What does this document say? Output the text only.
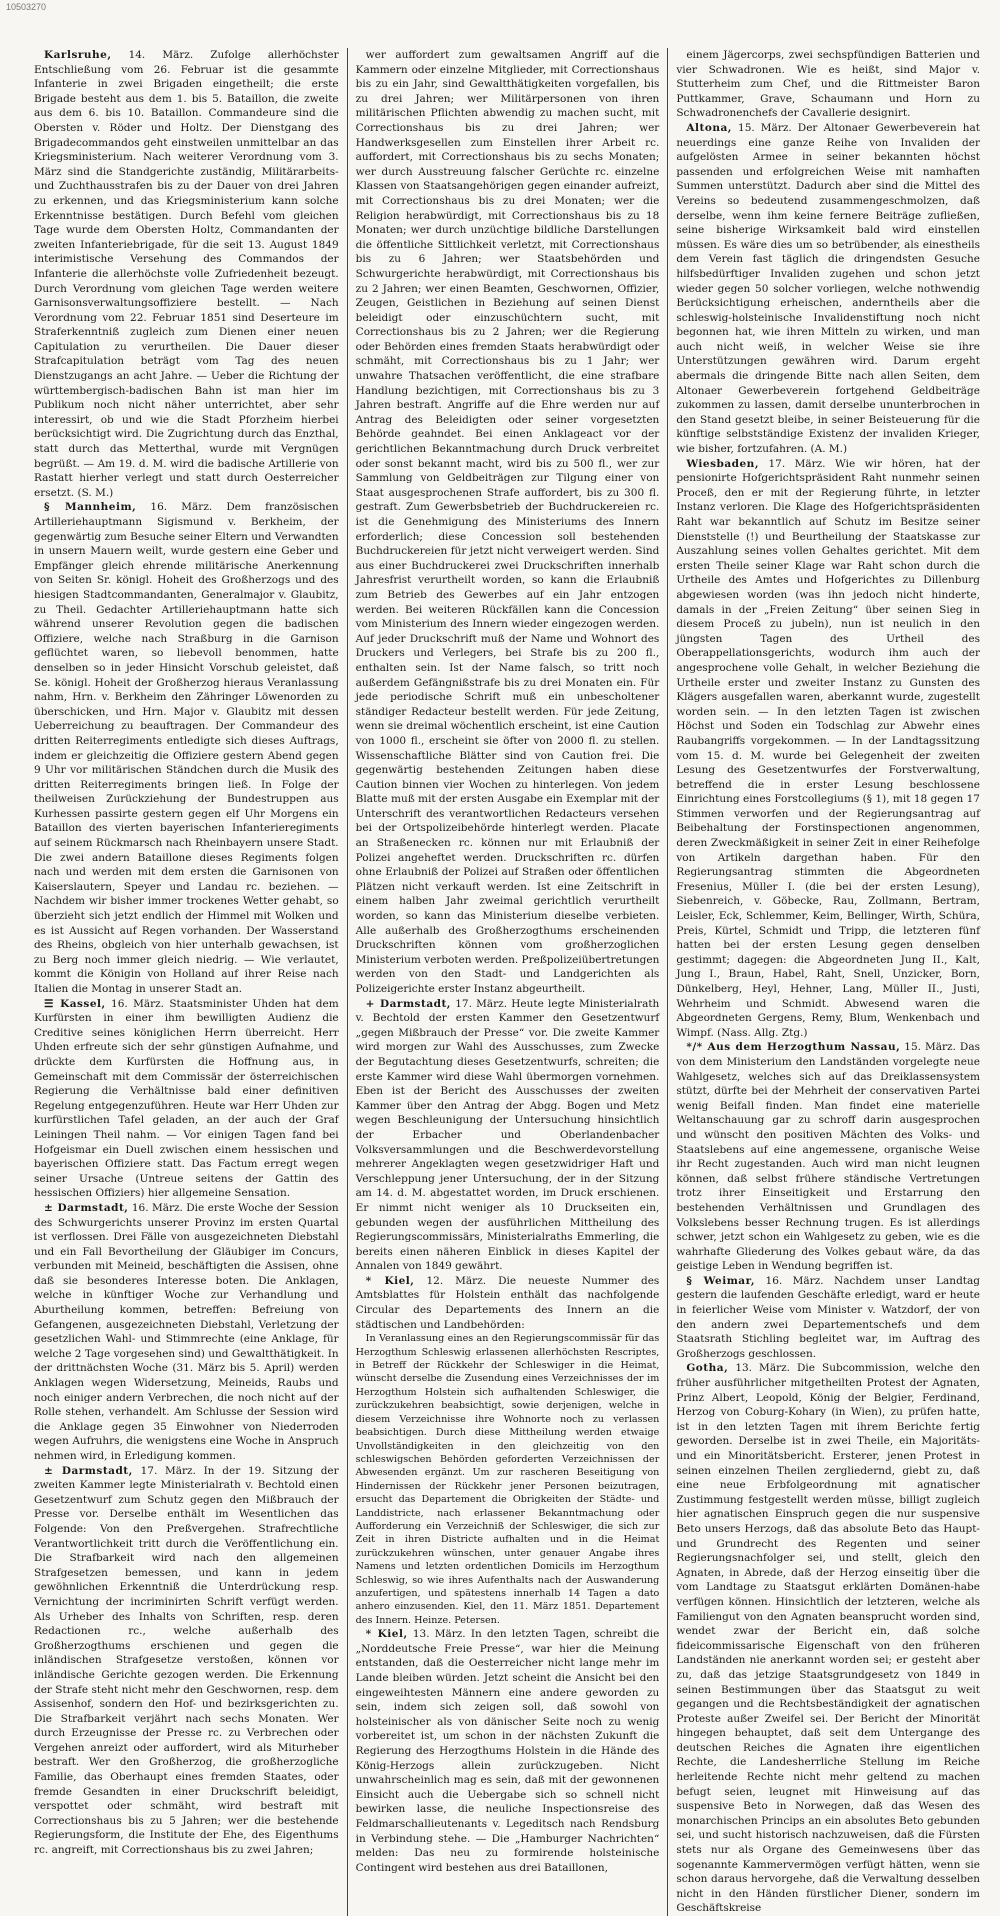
10503270

Karlsruhe, 14. März. Zufolge allerhöchster Entschließung vom 26. Februar ist die gesammte Infanterie in zwei Brigaden eingetheilt; die erste Brigade besteht aus dem 1. bis 5. Bataillon, die zweite aus dem 6. bis 10. Bataillon. Commandeure sind die Obersten v. Röder und Holtz. Der Dienstgang des Brigadecommandos geht einstweilen unmittelbar an das Kriegsministerium. Nach weiterer Verordnung vom 3. März sind die Standgerichte zuständig, Militärarbeits- und Zuchthausstrafen bis zu der Dauer von drei Jahren zu erkennen, und das Kriegsministerium kann solche Erkenntnisse bestätigen. Durch Befehl vom gleichen Tage wurde dem Obersten Holtz, Commandanten der zweiten Infanteriebrigade, für die seit 13. August 1849 interimistische Versehung des Commandos der Infanterie die allerhöchste volle Zufriedenheit bezeugt. Durch Verordnung vom gleichen Tage werden weitere Garnisonsverwaltungsoffiziere bestellt. — Nach Verordnung vom 22. Februar 1851 sind Deserteure im Straferkenntniß zugleich zum Dienen einer neuen Capitulation zu verurtheilen. Die Dauer dieser Strafcapitulation beträgt vom Tag des neuen Dienstzugangs an acht Jahre. — Ueber die Richtung der württembergisch-badischen Bahn ist man hier im Publikum noch nicht näher unterrichtet, aber sehr interessirt, ob und wie die Stadt Pforzheim hierbei berücksichtigt wird. Die Zugrichtung durch das Enzthal, statt durch das Metterthal, wurde mit Vergnügen begrüßt. — Am 19. d. M. wird die badische Artillerie von Rastatt hierher verlegt und statt durch Oesterreicher ersetzt. (S. M.)

§ Mannheim, 16. März. Dem französischen Artilleriehauptmann Sigismund v. Berkheim, der gegenwärtig zum Besuche seiner Eltern und Verwandten in unsern Mauern weilt, wurde gestern eine Geber und Empfänger gleich ehrende militärische Anerkennung von Seiten Sr. königl. Hoheit des Großherzogs und des hiesigen Stadtcommandanten, Generalmajor v. Glaubitz, zu Theil. Gedachter Artilleriehauptmann hatte sich während unserer Revolution gegen die badischen Offiziere, welche nach Straßburg in die Garnison geflüchtet waren, so liebevoll benommen, hatte denselben so in jeder Hinsicht Vorschub geleistet, daß Se. königl. Hoheit der Großherzog hieraus Veranlassung nahm, Hrn. v. Berkheim den Zähringer Löwenorden zu überschicken, und Hrn. Major v. Glaubitz mit dessen Ueberreichung zu beauftragen. Der Commandeur des dritten Reiterregiments entledigte sich dieses Auftrags, indem er gleichzeitig die Offiziere gestern Abend gegen 9 Uhr vor militärischen Ständchen durch die Musik des dritten Reiterregiments bringen ließ. In Folge der theilweisen Zurückziehung der Bundestruppen aus Kurhessen passirte gestern gegen elf Uhr Morgens ein Bataillon des vierten bayerischen Infanterieregiments auf seinem Rückmarsch nach Rheinbayern unsere Stadt. Die zwei andern Bataillone dieses Regiments folgen nach und werden mit dem ersten die Garnisonen von Kaiserslautern, Speyer und Landau rc. beziehen. — Nachdem wir bisher immer trockenes Wetter gehabt, so überzieht sich jetzt endlich der Himmel mit Wolken und es ist Aussicht auf Regen vorhanden. Der Wasserstand des Rheins, obgleich von hier unterhalb gewachsen, ist zu Berg noch immer gleich niedrig. — Wie verlautet, kommt die Königin von Holland auf ihrer Reise nach Italien die Montag in unserer Stadt an.

☰ Kassel, 16. März. Staatsminister Uhden hat dem Kurfürsten in einer ihm bewilligten Audienz die Creditive seines königlichen Herrn überreicht. Herr Uhden erfreute sich der sehr günstigen Aufnahme, und drückte dem Kurfürsten die Hoffnung aus, in Gemeinschaft mit dem Commissär der österreichischen Regierung die Verhältnisse bald einer definitiven Regelung entgegenzuführen. Heute war Herr Uhden zur kurfürstlichen Tafel geladen, an der auch der Graf Leiningen Theil nahm. — Vor einigen Tagen fand bei Hofgeismar ein Duell zwischen einem hessischen und bayerischen Offiziere statt. Das Factum erregt wegen seiner Ursache (Untreue seitens der Gattin des hessischen Offiziers) hier allgemeine Sensation.

± Darmstadt, 16. März. Die erste Woche der Session des Schwurgerichts unserer Provinz im ersten Quartal ist verflossen. Drei Fälle von ausgezeichneten Diebstahl und ein Fall Bevortheilung der Gläubiger im Concurs, verbunden mit Meineid, beschäftigten die Assisen, ohne daß sie besonderes Interesse boten. Die Anklagen, welche in künftiger Woche zur Verhandlung und Aburtheilung kommen, betreffen: Befreiung von Gefangenen, ausgezeichneten Diebstahl, Verletzung der gesetzlichen Wahl- und Stimmrechte (eine Anklage, für welche 2 Tage vorgesehen sind) und Gewaltthätigkeit. In der drittnächsten Woche (31. März bis 5. April) werden Anklagen wegen Widersetzung, Meineids, Raubs und noch einiger andern Verbrechen, die noch nicht auf der Rolle stehen, verhandelt. Am Schlusse der Session wird die Anklage gegen 35 Einwohner von Niederroden wegen Aufruhrs, die wenigstens eine Woche in Anspruch nehmen wird, in Erledigung kommen.

± Darmstadt, 17. März. In der 19. Sitzung der zweiten Kammer legte Ministerialrath v. Bechtold einen Gesetzentwurf zum Schutz gegen den Mißbrauch der Presse vor. Derselbe enthält im Wesentlichen das Folgende: Von den Preßvergehen. Strafrechtliche Verantwortlichkeit tritt durch die Veröffentlichung ein. Die Strafbarkeit wird nach den allgemeinen Strafgesetzen bemessen, und kann in jedem gewöhnlichen Erkenntniß die Unterdrückung resp. Vernichtung der incriminirten Schrift verfügt werden. Als Urheber des Inhalts von Schriften, resp. deren Redactionen rc., welche außerhalb des Großherzogthums erschienen und gegen die inländischen Strafgesetze verstoßen, können vor inländische Gerichte gezogen werden. Die Erkennung der Strafe steht nicht mehr den Geschwornen, resp. dem Assisenhof, sondern den Hof- und bezirksgerichten zu. Die Strafbarkeit verjährt nach sechs Monaten. Wer durch Erzeugnisse der Presse rc. zu Verbrechen oder Vergehen anreizt oder auffordert, wird als Miturheber bestraft. Wer den Großherzog, die großherzogliche Familie, das Oberhaupt eines fremden Staates, oder fremde Gesandten in einer Druckschrift beleidigt, verspottet oder schmäht, wird bestraft mit Correctionshaus bis zu 5 Jahren; wer die bestehende Regierungsform, die Institute der Ehe, des Eigenthums rc. angreift, mit Correctionshaus bis zu zwei Jahren;

wer auffordert zum gewaltsamen Angriff auf die Kammern oder einzelne Mitglieder, mit Correctionshaus bis zu ein Jahr, sind Gewaltthätigkeiten vorgefallen, bis zu drei Jahren; wer Militärpersonen von ihren militärischen Pflichten abwendig zu machen sucht, mit Correctionshaus bis zu drei Jahren; wer Handwerksgesellen zum Einstellen ihrer Arbeit rc. auffordert, mit Correctionshaus bis zu sechs Monaten; wer durch Ausstreuung falscher Gerüchte rc. einzelne Klassen von Staatsangehörigen gegen einander aufreizt, mit Correctionshaus bis zu drei Monaten; wer die Religion herabwürdigt, mit Correctionshaus bis zu 18 Monaten; wer durch unzüchtige bildliche Darstellungen die öffentliche Sittlichkeit verletzt, mit Correctionshaus bis zu 6 Jahren; wer Staatsbehörden und Schwurgerichte herabwürdigt, mit Correctionshaus bis zu 2 Jahren; wer einen Beamten, Geschwornen, Offizier, Zeugen, Geistlichen in Beziehung auf seinen Dienst beleidigt oder einzuschüchtern sucht, mit Correctionshaus bis zu 2 Jahren; wer die Regierung oder Behörden eines fremden Staats herabwürdigt oder schmäht, mit Correctionshaus bis zu 1 Jahr; wer unwahre Thatsachen veröffentlicht, die eine strafbare Handlung bezichtigen, mit Correctionshaus bis zu 3 Jahren bestraft. Angriffe auf die Ehre werden nur auf Antrag des Beleidigten oder seiner vorgesetzten Behörde geahndet. Bei einen Anklageact vor der gerichtlichen Bekanntmachung durch Druck verbreitet oder sonst bekannt macht, wird bis zu 500 fl., wer zur Sammlung von Geldbeiträgen zur Tilgung einer von Staat ausgesprochenen Strafe auffordert, bis zu 300 fl. gestraft. Zum Gewerbsbetrieb der Buchdruckereien rc. ist die Genehmigung des Ministeriums des Innern erforderlich; diese Concession soll bestehenden Buchdruckereien für jetzt nicht verweigert werden. Sind aus einer Buchdruckerei zwei Druckschriften innerhalb Jahresfrist verurtheilt worden, so kann die Erlaubniß zum Betrieb des Gewerbes auf ein Jahr entzogen werden. Bei weiteren Rückfällen kann die Concession vom Ministerium des Innern wieder eingezogen werden. Auf jeder Druckschrift muß der Name und Wohnort des Druckers und Verlegers, bei Strafe bis zu 200 fl., enthalten sein. Ist der Name falsch, so tritt noch außerdem Gefängnißstrafe bis zu drei Monaten ein. Für jede periodische Schrift muß ein unbescholtener ständiger Redacteur bestellt werden. Für jede Zeitung, wenn sie dreimal wöchentlich erscheint, ist eine Caution von 1000 fl., erscheint sie öfter von 2000 fl. zu stellen. Wissenschaftliche Blätter sind von Caution frei. Die gegenwärtig bestehenden Zeitungen haben diese Caution binnen vier Wochen zu hinterlegen. Von jedem Blatte muß mit der ersten Ausgabe ein Exemplar mit der Unterschrift des verantwortlichen Redacteurs versehen bei der Ortspolizeibehörde hinterlegt werden. Placate an Straßenecken rc. können nur mit Erlaubniß der Polizei angeheftet werden. Druckschriften rc. dürfen ohne Erlaubniß der Polizei auf Straßen oder öffentlichen Plätzen nicht verkauft werden. Ist eine Zeitschrift in einem halben Jahr zweimal gerichtlich verurtheilt worden, so kann das Ministerium dieselbe verbieten. Alle außerhalb des Großherzogthums erscheinenden Druckschriften können vom großherzoglichen Ministerium verboten werden. Preßpolizeiübertretungen werden von den Stadt- und Landgerichten als Polizeigerichte erster Instanz abgeurtheilt.

+ Darmstadt, 17. März. Heute legte Ministerialrath v. Bechtold der ersten Kammer den Gesetzentwurf „gegen Mißbrauch der Presse“ vor. Die zweite Kammer wird morgen zur Wahl des Ausschusses, zum Zwecke der Begutachtung dieses Gesetzentwurfs, schreiten; die erste Kammer wird diese Wahl übermorgen vornehmen. Eben ist der Bericht des Ausschusses der zweiten Kammer über den Antrag der Abgg. Bogen und Metz wegen Beschleunigung der Untersuchung hinsichtlich der Erbacher und Oberlandenbacher Volksversammlungen und die Beschwerdevorstellung mehrerer Angeklagten wegen gesetzwidriger Haft und Verschleppung jener Untersuchung, der in der Sitzung am 14. d. M. abgestattet worden, im Druck erschienen. Er nimmt nicht weniger als 10 Druckseiten ein, gebunden wegen der ausführlichen Mittheilung des Regierungscommissärs, Ministerialraths Emmerling, die bereits einen näheren Einblick in dieses Kapitel der Annalen von 1849 gewährt.

* Kiel, 12. März. Die neueste Nummer des Amtsblattes für Holstein enthält das nachfolgende Circular des Departements des Innern an die städtischen und Landbehörden:

In Veranlassung eines an den Regierungscommissär für das Herzogthum Schleswig erlassenen allerhöchsten Rescriptes, in Betreff der Rückkehr der Schleswiger in die Heimat, wünscht derselbe die Zusendung eines Verzeichnisses der im Herzogthum Holstein sich aufhaltenden Schleswiger, die zurückzukehren beabsichtigt, sowie derjenigen, welche in diesem Verzeichnisse ihre Wohnorte noch zu verlassen beabsichtigen. Durch diese Mittheilung werden etwaige Unvollständigkeiten in den gleichzeitig von den schleswigschen Behörden geforderten Verzeichnissen der Abwesenden ergänzt. Um zur rascheren Beseitigung von Hindernissen der Rückkehr jener Personen beizutragen, ersucht das Departement die Obrigkeiten der Städte- und Landdistricte, nach erlassener Bekanntmachung oder Aufforderung ein Verzeichniß der Schleswiger, die sich zur Zeit in ihren Districte aufhalten und in die Heimat zurückzukehren wünschen, unter genauer Angabe ihres Namens und letzten ordentlichen Domicils im Herzogthum Schleswig, so wie ihres Aufenthalts nach der Auswanderung anzufertigen, und spätestens innerhalb 14 Tagen a dato anhero einzusenden. Kiel, den 11. März 1851. Departement des Innern. Heinze. Petersen.

* Kiel, 13. März. In den letzten Tagen, schreibt die „Norddeutsche Freie Presse“, war hier die Meinung entstanden, daß die Oesterreicher nicht lange mehr im Lande bleiben würden. Jetzt scheint die Ansicht bei den eingeweihtesten Männern eine andere geworden zu sein, indem sich zeigen soll, daß sowohl von holsteinischer als von dänischer Seite noch zu wenig vorbereitet ist, um schon in der nächsten Zukunft die Regierung des Herzogthums Holstein in die Hände des König-Herzogs allein zurückzugeben. Nicht unwahrscheinlich mag es sein, daß mit der gewonnenen Einsicht auch die Uebergabe sich so schnell nicht bewirken lasse, die neuliche Inspectionsreise des Feldmarschallieutenants v. Legeditsch nach Rendsburg in Verbindung stehe. — Die „Hamburger Nachrichten“ melden: Das neu zu formirende holsteinische Contingent wird bestehen aus drei Bataillonen,

einem Jägercorps, zwei sechspfündigen Batterien und vier Schwadronen. Wie es heißt, sind Major v. Stutterheim zum Chef, und die Rittmeister Baron Puttkammer, Grave, Schaumann und Horn zu Schwadronenchefs der Cavallerie designirt.

Altona, 15. März. Der Altonaer Gewerbeverein hat neuerdings eine ganze Reihe von Invaliden der aufgelösten Armee in seiner bekannten höchst passenden und erfolgreichen Weise mit namhaften Summen unterstützt. Dadurch aber sind die Mittel des Vereins so bedeutend zusammengeschmolzen, daß derselbe, wenn ihm keine fernere Beiträge zufließen, seine bisherige Wirksamkeit bald wird einstellen müssen. Es wäre dies um so betrübender, als einestheils dem Verein fast täglich die dringendsten Gesuche hilfsbedürftiger Invaliden zugehen und schon jetzt wieder gegen 50 solcher vorliegen, welche nothwendig Berücksichtigung erheischen, anderntheils aber die schleswig-holsteinische Invalidenstiftung noch nicht begonnen hat, wie ihren Mitteln zu wirken, und man auch nicht weiß, in welcher Weise sie ihre Unterstützungen gewähren wird. Darum ergeht abermals die dringende Bitte nach allen Seiten, dem Altonaer Gewerbeverein fortgehend Geldbeiträge zukommen zu lassen, damit derselbe ununterbrochen in den Stand gesetzt bleibe, in seiner Beisteuerung für die künftige selbstständige Existenz der invaliden Krieger, wie bisher, fortzufahren. (A. M.)

Wiesbaden, 17. März. Wie wir hören, hat der pensionirte Hofgerichtspräsident Raht nunmehr seinen Proceß, den er mit der Regierung führte, in letzter Instanz verloren. Die Klage des Hofgerichtspräsidenten Raht war bekanntlich auf Schutz im Besitze seiner Dienststelle (!) und Beurtheilung der Staatskasse zur Auszahlung seines vollen Gehaltes gerichtet. Mit dem ersten Theile seiner Klage war Raht schon durch die Urtheile des Amtes und Hofgerichtes zu Dillenburg abgewiesen worden (was ihn jedoch nicht hinderte, damals in der „Freien Zeitung“ über seinen Sieg in diesem Proceß zu jubeln), nun ist neulich in den jüngsten Tagen des Urtheil des Oberappellationsgerichts, wodurch ihm auch der angesprochene volle Gehalt, in welcher Beziehung die Urtheile erster und zweiter Instanz zu Gunsten des Klägers ausgefallen waren, aberkannt wurde, zugestellt worden sein. — In den letzten Tagen ist zwischen Höchst und Soden ein Todschlag zur Abwehr eines Raubangriffs vorgekommen. — In der Landtagssitzung vom 15. d. M. wurde bei Gelegenheit der zweiten Lesung des Gesetzentwurfes der Forstverwaltung, betreffend die in erster Lesung beschlossene Einrichtung eines Forstcollegiums (§ 1), mit 18 gegen 17 Stimmen verworfen und der Regierungsantrag auf Beibehaltung der Forstinspectionen angenommen, deren Zweckmäßigkeit in seiner Zeit in einer Reihefolge von Artikeln dargethan haben. Für den Regierungsantrag stimmten die Abgeordneten Fresenius, Müller I. (die bei der ersten Lesung), Siebenreich, v. Göbecke, Rau, Zollmann, Bertram, Leisler, Eck, Schlemmer, Keim, Bellinger, Wirth, Schüra, Preis, Kürtel, Schmidt und Tripp, die letzteren fünf hatten bei der ersten Lesung gegen denselben gestimmt; dagegen: die Abgeordneten Jung II., Kalt, Jung I., Braun, Habel, Raht, Snell, Unzicker, Born, Dünkelberg, Heyl, Hehner, Lang, Müller II., Justi, Wehrheim und Schmidt. Abwesend waren die Abgeordneten Gergens, Remy, Blum, Wenkenbach und Wimpf. (Nass. Allg. Ztg.)

*/* Aus dem Herzogthum Nassau, 15. März. Das von dem Ministerium den Landständen vorgelegte neue Wahlgesetz, welches sich auf das Dreiklassensystem stützt, dürfte bei der Mehrheit der conservativen Partei wenig Beifall finden. Man findet eine materielle Weltanschauung gar zu schroff darin ausgesprochen und wünscht den positiven Mächten des Volks- und Staatslebens auf eine angemessene, organische Weise ihr Recht zugestanden. Auch wird man nicht leugnen können, daß selbst frühere ständische Vertretungen trotz ihrer Einseitigkeit und Erstarrung den bestehenden Verhältnissen und Grundlagen des Volkslebens besser Rechnung trugen. Es ist allerdings schwer, jetzt schon ein Wahlgesetz zu geben, wie es die wahrhafte Gliederung des Volkes gebaut wäre, da das geistige Leben in Wendung begriffen ist.

§ Weimar, 16. März. Nachdem unser Landtag gestern die laufenden Geschäfte erledigt, ward er heute in feierlicher Weise vom Minister v. Watzdorf, der von den andern zwei Departementschefs und dem Staatsrath Stichling begleitet war, im Auftrag des Großherzogs geschlossen.

Gotha, 13. März. Die Subcommission, welche den früher ausführlicher mitgetheilten Protest der Agnaten, Prinz Albert, Leopold, König der Belgier, Ferdinand, Herzog von Coburg-Kohary (in Wien), zu prüfen hatte, ist in den letzten Tagen mit ihrem Berichte fertig geworden. Derselbe ist in zwei Theile, ein Majoritäts- und ein Minoritätsbericht. Ersterer, jenen Protest in seinen einzelnen Theilen zergliedernd, giebt zu, daß eine neue Erbfolgeordnung mit agnatischer Zustimmung festgestellt werden müsse, billigt zugleich hier agnatischen Einspruch gegen die nur suspensive Beto unsers Herzogs, daß das absolute Beto das Haupt- und Grundrecht des Regenten und seiner Regierungsnachfolger sei, und stellt, gleich den Agnaten, in Abrede, daß der Herzog einseitig über die vom Landtage zu Staatsgut erklärten Domänen-habe verfügen können. Hinsichtlich der letzteren, welche als Familiengut von den Agnaten beansprucht worden sind, wendet zwar der Bericht ein, daß solche fideicommissarische Eigenschaft von den früheren Landständen nie anerkannt worden sei; er gesteht aber zu, daß das jetzige Staatsgrundgesetz von 1849 in seinen Bestimmungen über das Staatsgut zu weit gegangen und die Rechtsbeständigkeit der agnatischen Proteste außer Zweifel sei. Der Bericht der Minorität hingegen behauptet, daß seit dem Untergange des deutschen Reiches die Agnaten ihre eigentlichen Rechte, die Landesherrliche Stellung im Reiche herleitende Rechte nicht mehr geltend zu machen befugt seien, leugnet mit Hinweisung auf das suspensive Beto in Norwegen, daß das Wesen des monarchischen Princips an ein absolutes Beto gebunden sei, und sucht historisch nachzuweisen, daß die Fürsten stets nur als Organe des Gemeinwesens über das sogenannte Kammervermögen verfügt hätten, wenn sie schon daraus hervorgehe, daß die Verwaltung desselben nicht in den Händen fürstlicher Diener, sondern im Geschäftskreise
